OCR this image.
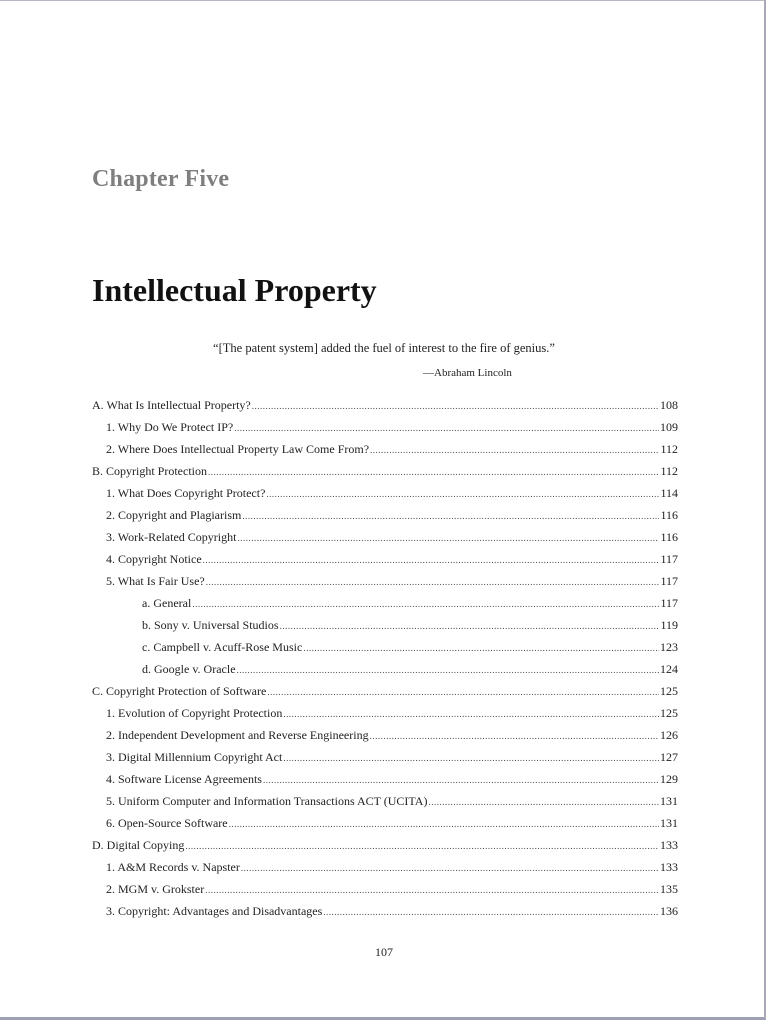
Chapter Five
Intellectual Property
“[The patent system] added the fuel of interest to the fire of genius.”
—Abraham Lincoln
A. What Is Intellectual Property? .....	108
1. Why Do We Protect IP? .....	109
2. Where Does Intellectual Property Law Come From? .....	112
B. Copyright Protection .....	112
1. What Does Copyright Protect? .....	114
2. Copyright and Plagiarism .....	116
3. Work-Related Copyright .....	116
4. Copyright Notice .....	117
5. What Is Fair Use? .....	117
a. General .....	117
b. Sony v. Universal Studios .....	119
c. Campbell v. Acuff-Rose Music .....	123
d. Google v. Oracle .....	124
C. Copyright Protection of Software .....	125
1. Evolution of Copyright Protection .....	125
2. Independent Development and Reverse Engineering .....	126
3. Digital Millennium Copyright Act .....	127
4. Software License Agreements .....	129
5. Uniform Computer and Information Transactions ACT (UCITA) .....	131
6. Open-Source Software .....	131
D. Digital Copying .....	133
1. A&M Records v. Napster .....	133
2. MGM v. Grokster .....	135
3. Copyright: Advantages and Disadvantages .....	136
107
